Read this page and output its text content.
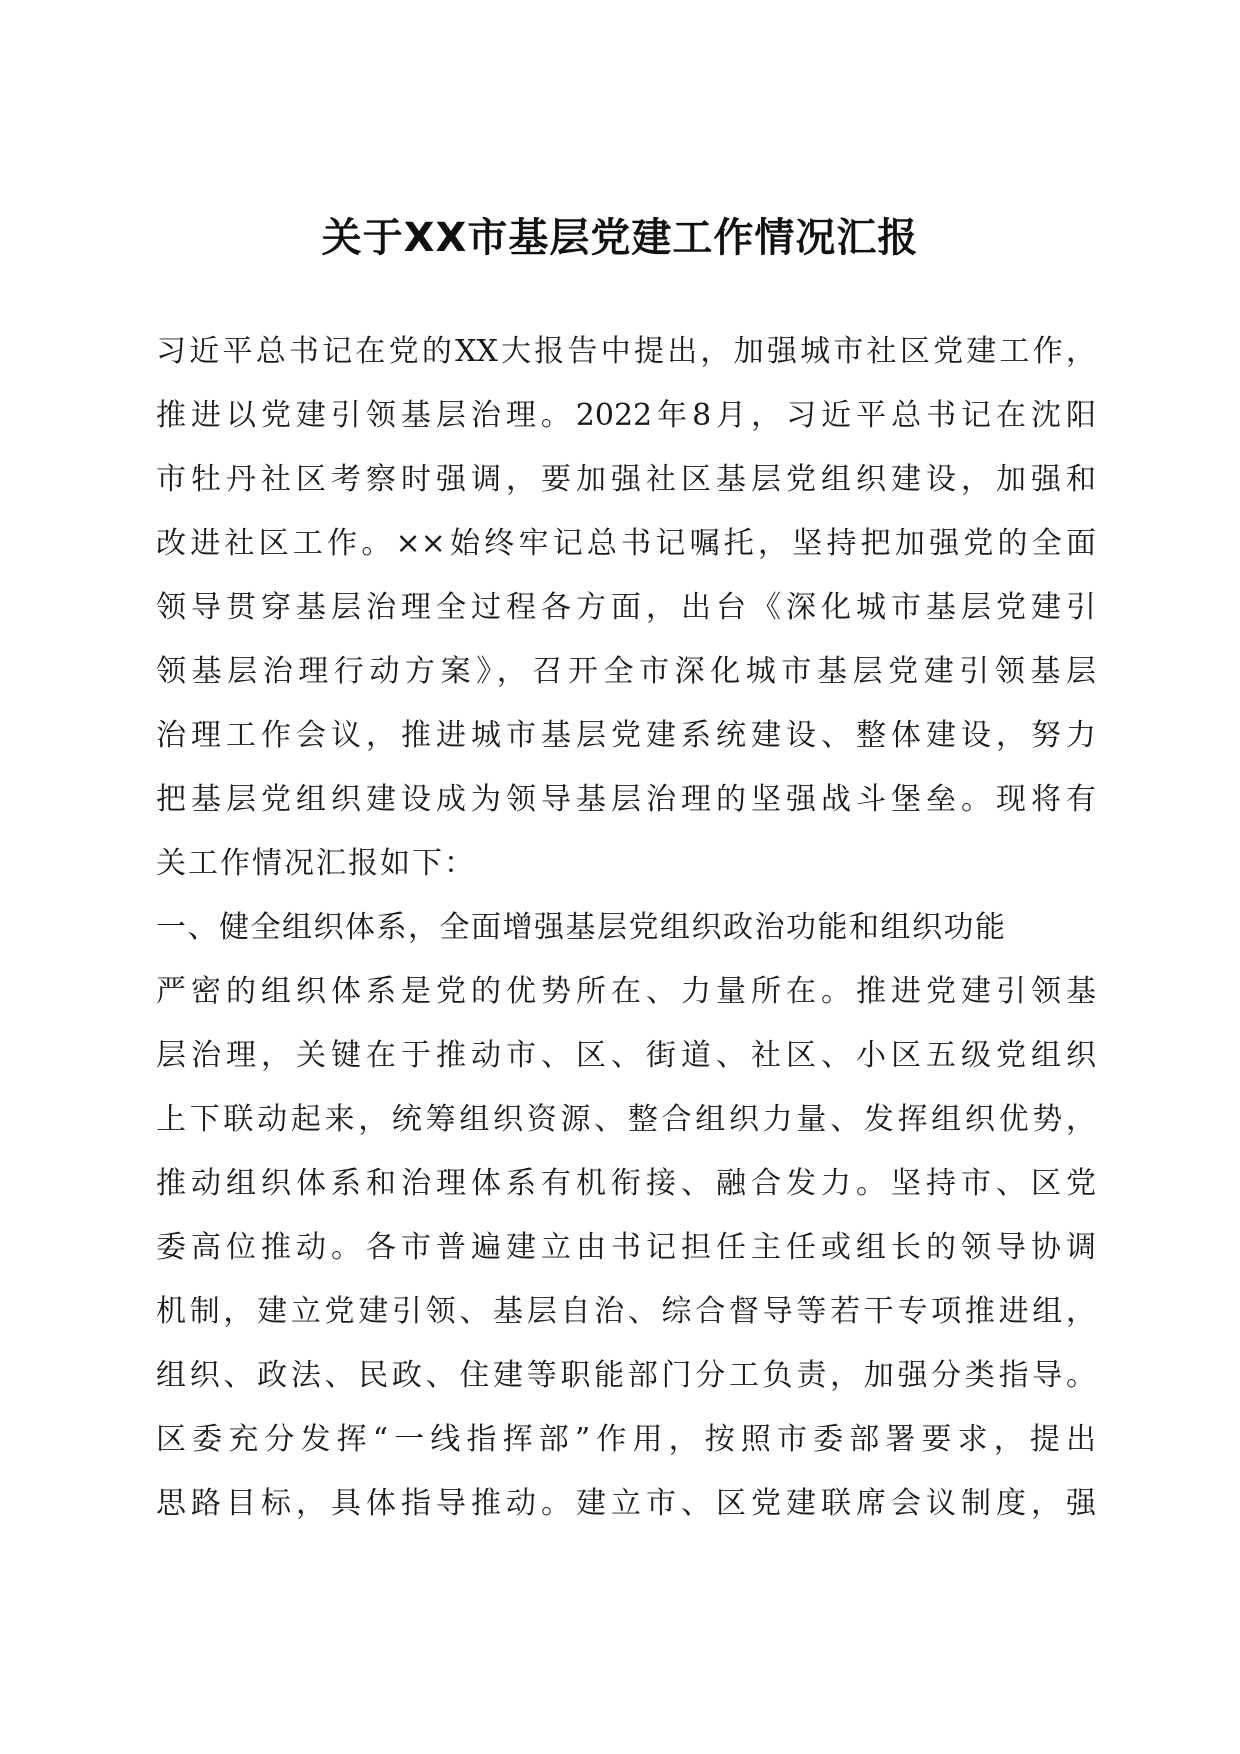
关于XX市基层党建工作情况汇报
习近平总书记在党的XX大报告中提出，加强城市社区党建工作，
推进以党建引领基层治理。2022年8月，习近平总书记在沈阳
市牡丹社区考察时强调，要加强社区基层党组织建设，加强和
改进社区工作。××始终牢记总书记嘱托，坚持把加强党的全面
领导贯穿基层治理全过程各方面，出台《深化城市基层党建引
领基层治理行动方案》，召开全市深化城市基层党建引领基层
治理工作会议，推进城市基层党建系统建设、整体建设，努力
把基层党组织建设成为领导基层治理的坚强战斗堡垒。现将有
关工作情况汇报如下：
一、健全组织体系，全面增强基层党组织政治功能和组织功能
严密的组织体系是党的优势所在、力量所在。推进党建引领基
层治理，关键在于推动市、区、街道、社区、小区五级党组织
上下联动起来，统筹组织资源、整合组织力量、发挥组织优势，
推动组织体系和治理体系有机衔接、融合发力。坚持市、区党
委高位推动。各市普遍建立由书记担任主任或组长的领导协调
机制，建立党建引领、基层自治、综合督导等若干专项推进组，
组织、政法、民政、住建等职能部门分工负责，加强分类指导。
区委充分发挥“一线指挥部”作用，按照市委部署要求，提出
思路目标，具体指导推动。建立市、区党建联席会议制度，强
